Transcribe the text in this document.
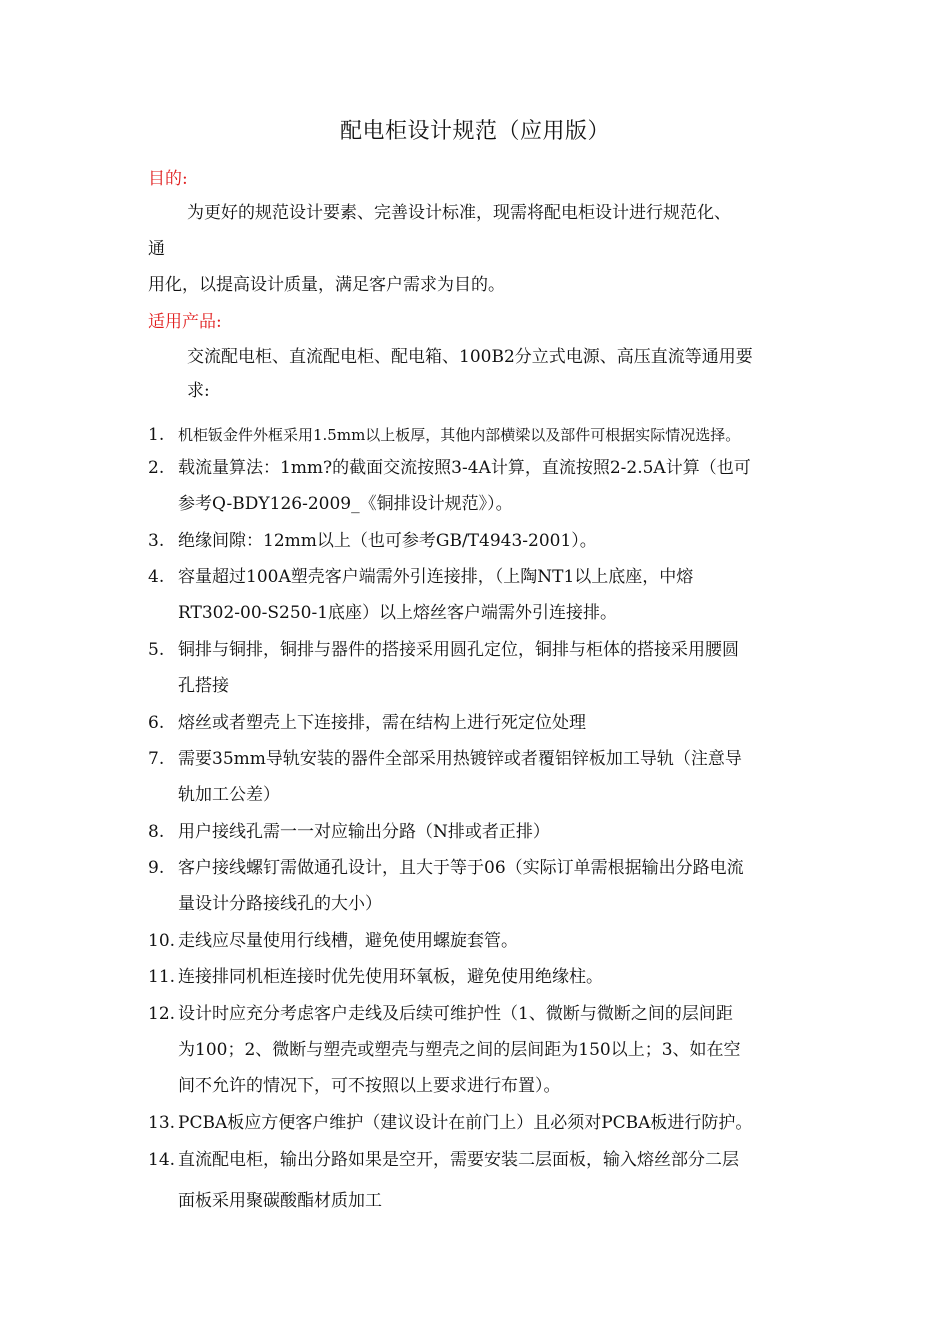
配电柜设计规范（应用版）
目的:
为更好的规范设计要素、完善设计标准，现需将配电柜设计进行规范化、
通
用化，以提高设计质量，满足客户需求为目的。
适用产品:
交流配电柜、直流配电柜、配电箱、100B2分立式电源、高压直流等通用要
求:
1. 机柜钣金件外框采用1.5mm以上板厚，其他内部横梁以及部件可根据实际情况选择。
2. 载流量算法：1mm?的截面交流按照3-4A计算，直流按照2-2.5A计算（也可
参考Q-BDY126-2009_《铜排设计规范》）。
3. 绝缘间隙：12mm以上（也可参考GB/T4943-2001）。
4. 容量超过100A塑壳客户端需外引连接排，（上陶NT1以上底座，中熔
RT302-00-S250-1底座）以上熔丝客户端需外引连接排。
5. 铜排与铜排，铜排与器件的搭接采用圆孔定位，铜排与柜体的搭接采用腰圆
孔搭接
6. 熔丝或者塑壳上下连接排，需在结构上进行死定位处理
7. 需要35mm导轨安装的器件全部采用热镀锌或者覆铝锌板加工导轨（注意导
轨加工公差）
8. 用户接线孔需一一对应输出分路（N排或者正排）
9. 客户接线螺钉需做通孔设计，且大于等于06（实际订单需根据输出分路电流
量设计分路接线孔的大小）
10. 走线应尽量使用行线槽，避免使用螺旋套管。
11. 连接排同机柜连接时优先使用环氧板，避免使用绝缘柱。
12. 设计时应充分考虑客户走线及后续可维护性（1、微断与微断之间的层间距
为100；2、微断与塑壳或塑壳与塑壳之间的层间距为150以上；3、如在空
间不允许的情况下，可不按照以上要求进行布置）。
13. PCBA板应方便客户维护（建议设计在前门上）且必须对PCBA板进行防护。
14. 直流配电柜，输出分路如果是空开，需要安装二层面板，输入熔丝部分二层
面板采用聚碳酸酯材质加工
